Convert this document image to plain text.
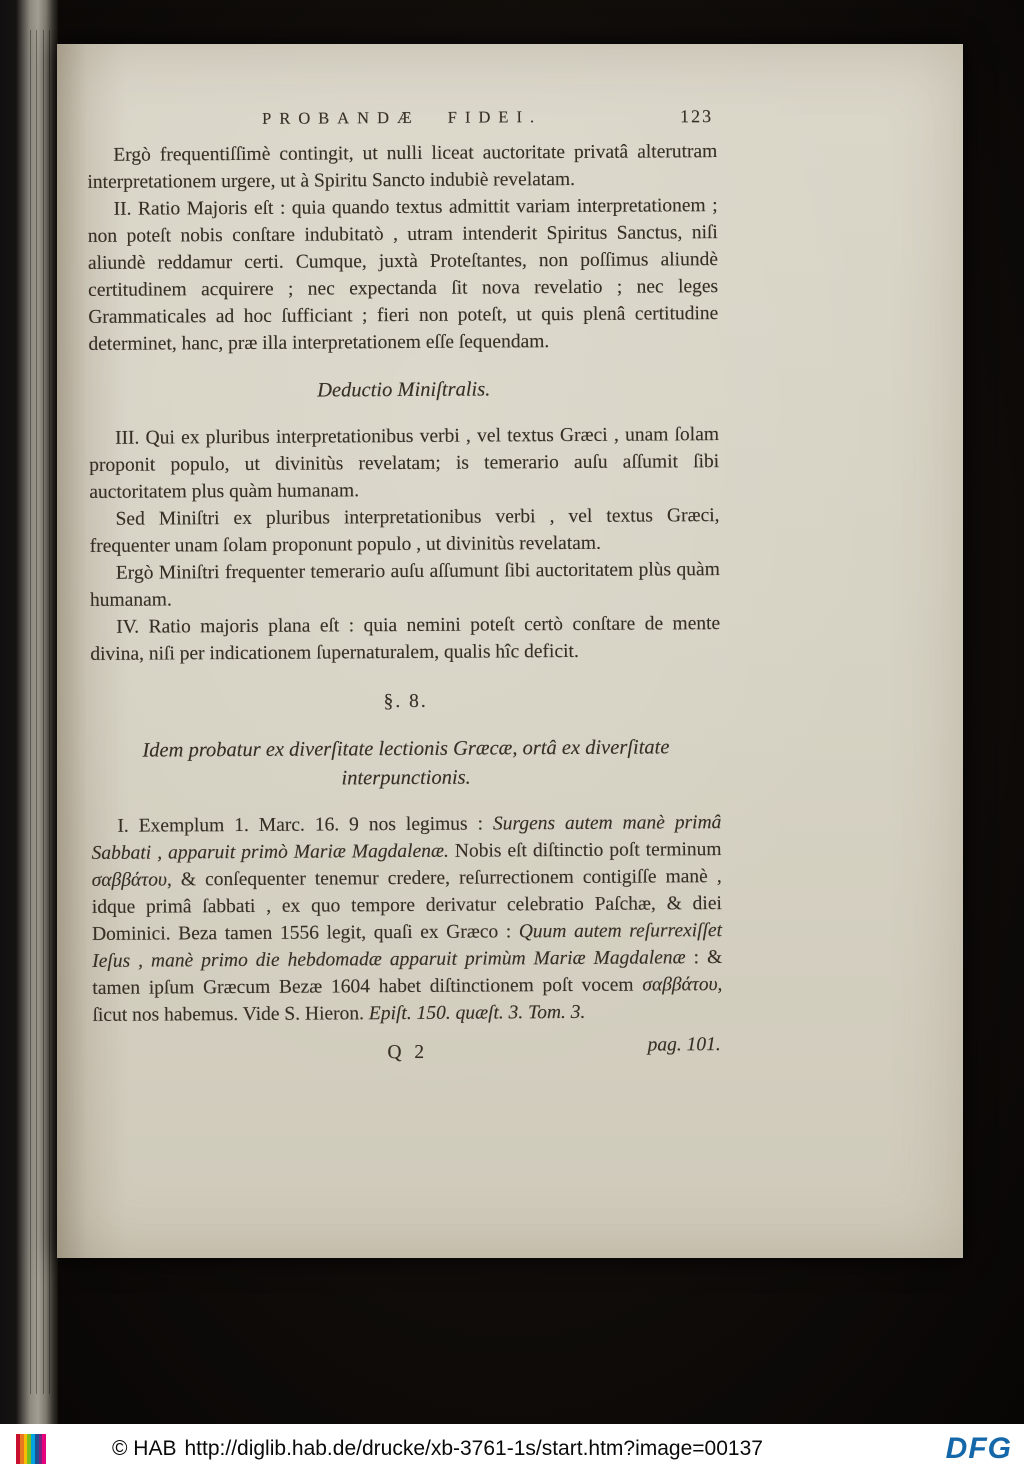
PROBANDÆ FIDEI.	123

Ergò frequentiſſimè contingit, ut nulli liceat auctoritate privatâ alterutram interpretationem urgere, ut à Spiritu Sancto indubiè revelatam.

II. Ratio Majoris eſt : quia quando textus admittit variam interpretationem ; non poteſt nobis conſtare indubitatò , utram intenderit Spiritus Sanctus, niſi aliundè reddamur certi. Cumque, juxtà Proteſtantes, non poſſimus aliundè certitudinem acquirere ; nec expectanda ſit nova revelatio ; nec leges Grammaticales ad hoc ſufficiant ; fieri non poteſt, ut quis plenâ certitudine determinet, hanc, præ illa interpretationem eſſe ſequendam.

Deductio Miniſtralis.

III. Qui ex pluribus interpretationibus verbi , vel textus Græci , unam ſolam proponit populo, ut divinitùs revelatam; is temerario auſu aſſumit ſibi auctoritatem plus quàm humanam.

Sed Miniſtri ex pluribus interpretationibus verbi , vel textus Græci, frequenter unam ſolam proponunt populo , ut divinitùs revelatam.

Ergò Miniſtri frequenter temerario auſu aſſumunt ſibi auctoritatem plùs quàm humanam.

IV. Ratio majoris plana eſt : quia nemini poteſt certò conſtare de mente divina, niſi per indicationem ſupernaturalem, qualis hîc deficit.

§. 8.

Idem probatur ex diverſitate lectionis Græcæ, ortâ ex diverſitate interpunctionis.

I. Exemplum 1. Marc. 16. 9 nos legimus : Surgens autem manè primâ Sabbati , apparuit primò Mariæ Magdalenæ. Nobis eſt diſtinctio poſt terminum σαββάτου, & conſequenter tenemur credere, reſurrectionem contigiſſe manè , idque primâ ſabbati , ex quo tempore derivatur celebratio Paſchæ, & diei Dominici. Beza tamen 1556 legit, quaſi ex Græco : Quum autem reſurrexiſſet Ieſus , manè primo die hebdomadæ apparuit primùm Mariæ Magdalenæ : & tamen ipſum Græcum Bezæ 1604 habet diſtinctionem poſt vocem σαββάτου, ſicut nos habemus. Vide S. Hieron. Epiſt. 150. quæſt. 3. Tom. 3.

Q 2	pag. 101.
© HAB http://diglib.hab.de/drucke/xb-3761-1s/start.htm?image=00137	DFG
